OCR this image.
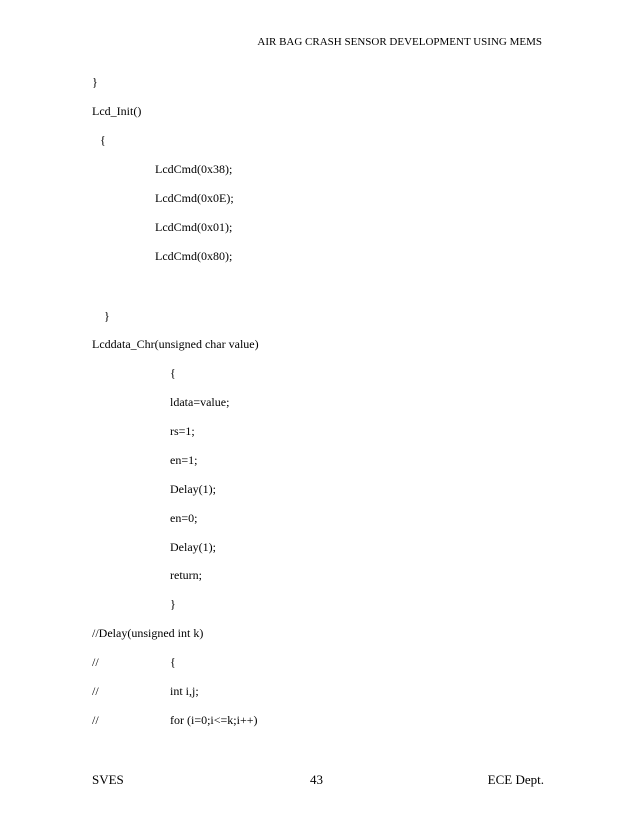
AIR BAG CRASH SENSOR DEVELOPMENT USING MEMS
}
Lcd_Init()
{
LcdCmd(0x38);
LcdCmd(0x0E);
LcdCmd(0x01);
LcdCmd(0x80);
}
Lcddata_Chr(unsigned char value)
{
ldata=value;
rs=1;
en=1;
Delay(1);
en=0;
Delay(1);
return;
}
//Delay(unsigned int k)
//	{
//	int i,j;
//	for (i=0;i<=k;i++)
SVES	43	ECE Dept.
